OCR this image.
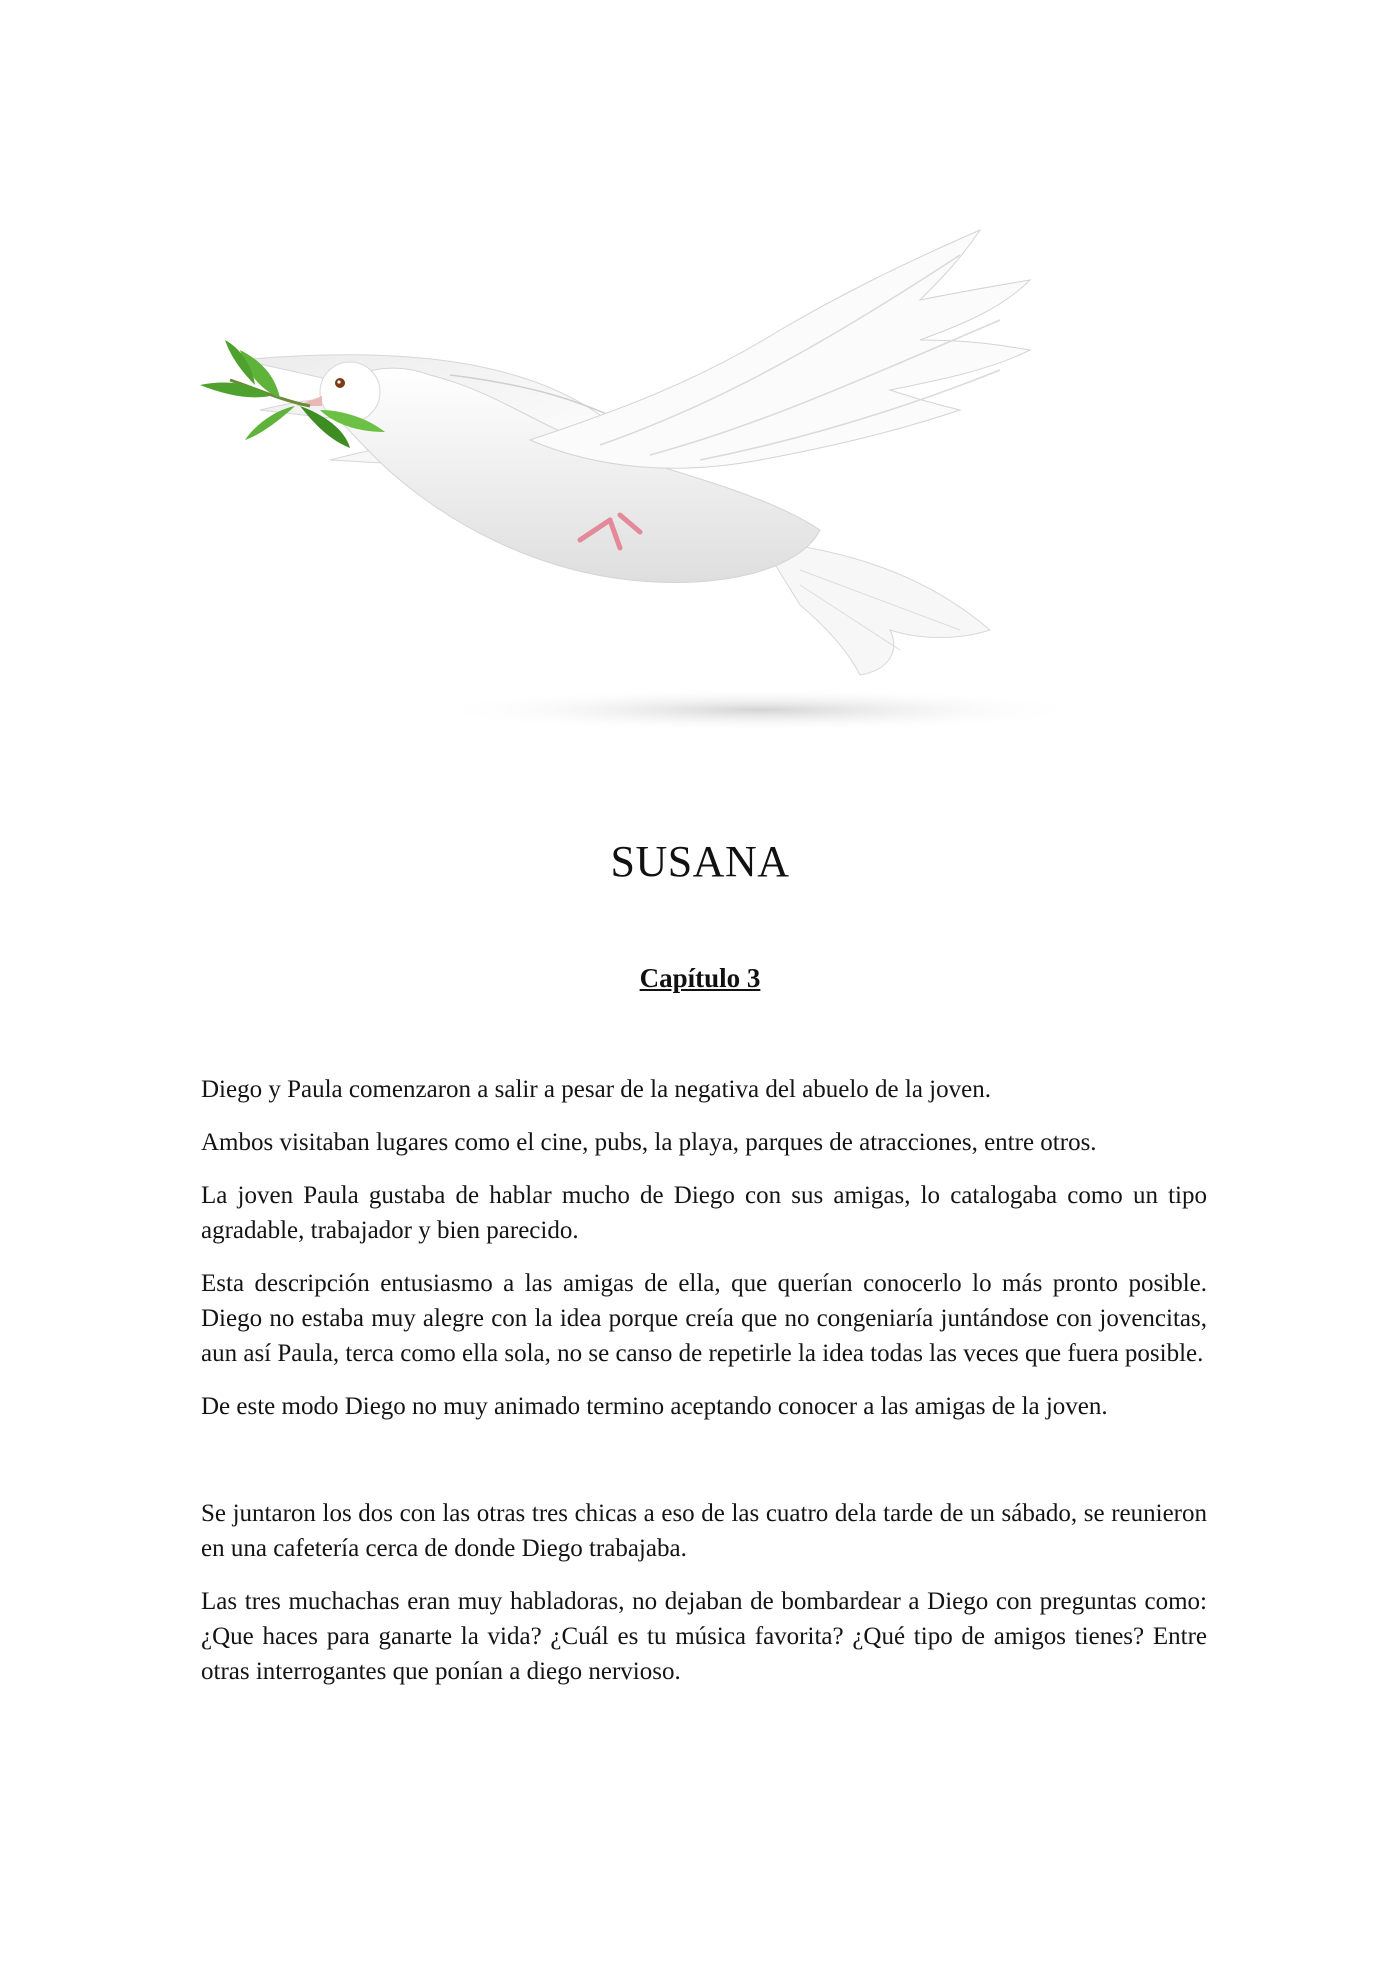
SUSANA
Capítulo 3

Diego y Paula comenzaron a salir a pesar de la negativa del abuelo de la joven.

Ambos visitaban lugares como el cine, pubs, la playa, parques de atracciones, entre otros.

La joven Paula gustaba de hablar mucho de Diego con sus amigas, lo catalogaba como un tipo agradable, trabajador y bien parecido.

Esta descripción entusiasmo a las amigas de ella, que querían conocerlo lo más pronto posible. Diego no estaba muy alegre con la idea porque creía que no congeniaría juntándose con jovencitas, aun así Paula, terca como ella sola, no se canso de repetirle la idea todas las veces que fuera posible.

De este modo Diego no muy animado termino aceptando conocer a las amigas de la joven.

Se juntaron los dos con las otras tres chicas a eso de las cuatro dela tarde de un sábado, se reunieron en una cafetería cerca de donde Diego trabajaba.

Las tres muchachas eran muy habladoras, no dejaban de bombardear a Diego con preguntas como: ¿Que haces para ganarte la vida? ¿Cuál es tu música favorita? ¿Qué tipo de amigos tienes? Entre otras interrogantes que ponían a diego nervioso.
